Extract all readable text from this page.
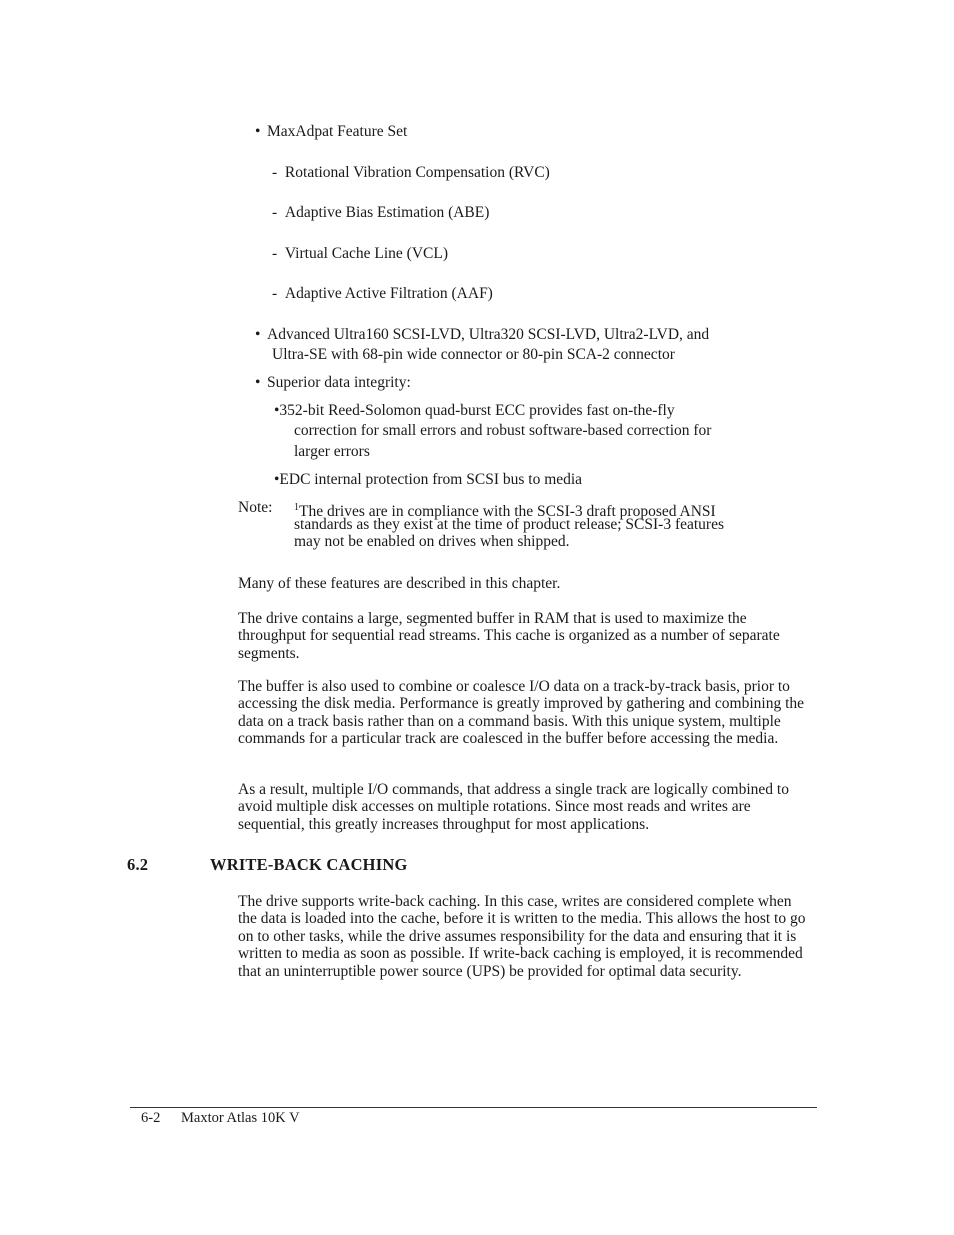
• MaxAdpat Feature Set
-  Rotational Vibration Compensation (RVC)
-  Adaptive Bias Estimation (ABE)
-  Virtual Cache Line (VCL)
-  Adaptive Active Filtration (AAF)
• Advanced Ultra160 SCSI-LVD, Ultra320 SCSI-LVD, Ultra2-LVD, and
Ultra-SE with 68-pin wide connector or 80-pin SCA-2 connector
• Superior data integrity:
•352-bit Reed-Solomon quad-burst ECC provides fast on-the-fly
correction for small errors and robust software-based correction for
larger errors
•EDC internal protection from SCSI bus to media
Note: $^1$The drives are in compliance with the SCSI-3 draft proposed ANSI
standards as they exist at the time of product release; SCSI-3 features
may not be enabled on drives when shipped.
Many of these features are described in this chapter.
The drive contains a large, segmented buffer in RAM that is used to maximize the throughput for sequential read streams. This cache is organized as a number of separate segments.
The buffer is also used to combine or coalesce I/O data on a track-by-track basis, prior to accessing the disk media. Performance is greatly improved by gathering and combining the data on a track basis rather than on a command basis. With this unique system, multiple commands for a particular track are coalesced in the buffer before accessing the media.
As a result, multiple I/O commands, that address a single track are logically combined to avoid multiple disk accesses on multiple rotations. Since most reads and writes are sequential, this greatly increases throughput for most applications.
6.2	WRITE-BACK CACHING
The drive supports write-back caching. In this case, writes are considered complete when the data is loaded into the cache, before it is written to the media. This allows the host to go on to other tasks, while the drive assumes responsibility for the data and ensuring that it is written to media as soon as possible. If write-back caching is employed, it is recommended that an uninterruptible power source (UPS) be provided for optimal data security.
6-2 Maxtor Atlas 10K V
